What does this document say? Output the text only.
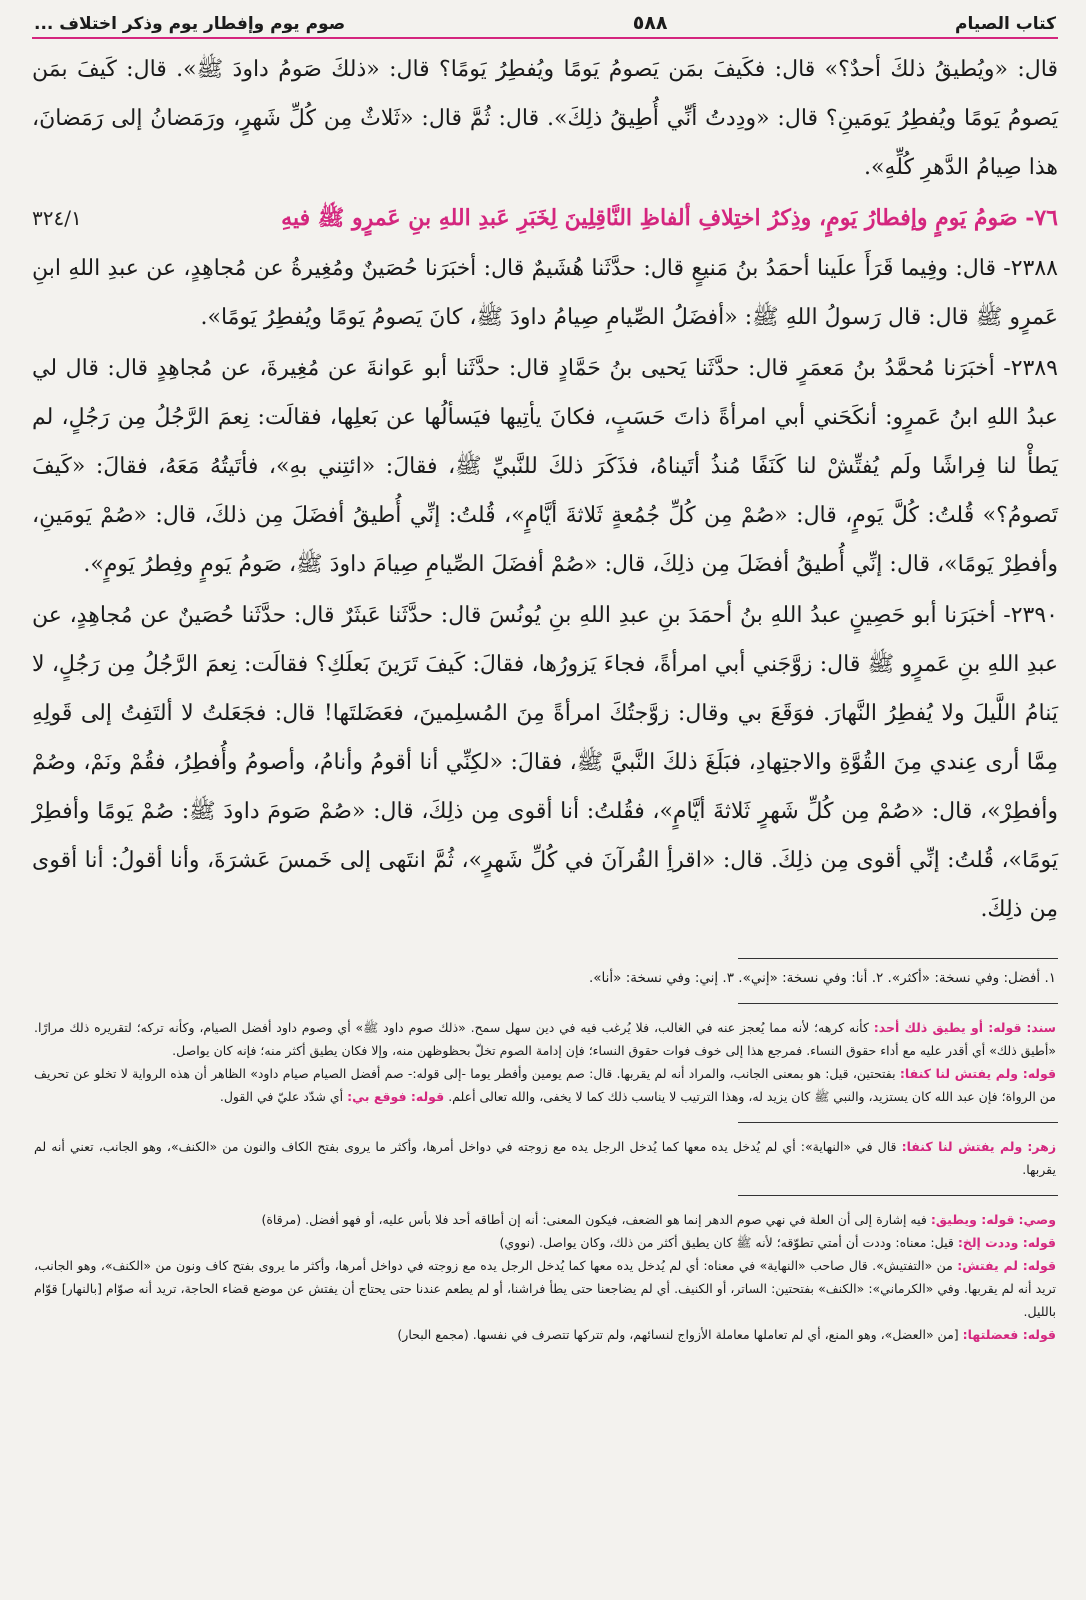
كتاب الصيام
٥٨٨
صوم يوم وإفطار يوم وذكر اختلاف ...

قال: «ويُطيقُ ذلكَ أحدٌ؟» قال: فكَيفَ بمَن يَصومُ يَومًا ويُفطِرُ يَومًا؟ قال: «ذلكَ صَومُ داودَ ﷺ». قال: كَيفَ بمَن يَصومُ يَومًا ويُفطِرُ يَومَينِ؟ قال: «ودِدتُ أنِّي أُطِيقُ ذلِكَ». قال: ثُمَّ قال: «ثَلاثٌ مِن كُلِّ شَهرٍ، ورَمَضانُ إلى رَمَضانَ، هذا صِيامُ الدَّهرِ كُلِّهِ».

٧٦- صَومُ يَومٍ وإفطارُ يَومٍ، وذِكرُ اختِلافِ ألفاظِ النَّاقِلِينَ لِخَبَرِ عَبدِ اللهِ بنِ عَمرٍو ﷺ فيهِ
٣٢٤/١

٢٣٨٨- قال: وفِيما قَرَأَ علَينا أحمَدُ بنُ مَنيعٍ قال: حدَّثَنا هُشَيمٌ قال: أخبَرَنا حُصَينٌ ومُغِيرةُ عن مُجاهِدٍ، عن عبدِ اللهِ ابنِ عَمرٍو ﷺ قال: قال رَسولُ اللهِ ﷺ: «أفضَلُ الصِّيامِ صِيامُ داودَ ﷺ، كانَ يَصومُ يَومًا ويُفطِرُ يَومًا».

٢٣٨٩- أخبَرَنا مُحمَّدُ بنُ مَعمَرٍ قال: حدَّثَنا يَحيى بنُ حَمَّادٍ قال: حدَّثَنا أبو عَوانةَ عن مُغِيرةَ، عن مُجاهِدٍ قال: قال لي عبدُ اللهِ ابنُ عَمرٍو: أنكَحَني أبي امرأةً ذاتَ حَسَبٍ، فكانَ يأتِيها فيَسألُها عن بَعلِها، فقالَت: نِعمَ الرَّجُلُ مِن رَجُلٍ، لم يَطأْ لنا فِراشًا ولَم يُفتِّشْ لنا كَنَفًا مُنذُ أتَيناهُ، فذَكَرَ ذلكَ للنَّبيِّ ﷺ، فقالَ: «ائتِني بهِ»، فأتَيتُهُ مَعَهُ، فقالَ: «كَيفَ تَصومُ؟» قُلتُ: كُلَّ يَومٍ، قال: «صُمْ مِن كُلِّ جُمُعةٍ ثَلاثةَ أيَّامٍ»، قُلتُ: إنِّي أُطيقُ أفضَلَ مِن ذلكَ، قال: «صُمْ يَومَينِ، وأفطِرْ يَومًا»، قال: إنِّي أُطيقُ أفضَلَ مِن ذلِكَ، قال: «صُمْ أفضَلَ الصِّيامِ صِيامَ داودَ ﷺ، صَومُ يَومٍ وفِطرُ يَومٍ».

٢٣٩٠- أخبَرَنا أبو حَصِينٍ عبدُ اللهِ بنُ أحمَدَ بنِ عبدِ اللهِ بنِ يُونُسَ قال: حدَّثَنا عَبثَرٌ قال: حدَّثَنا حُصَينٌ عن مُجاهِدٍ، عن عبدِ اللهِ بنِ عَمرٍو ﷺ قال: زوَّجَني أبي امرأةً، فجاءَ يَزورُها، فقالَ: كَيفَ تَرَينَ بَعلَكِ؟ فقالَت: نِعمَ الرَّجُلُ مِن رَجُلٍ، لا يَنامُ اللَّيلَ ولا يُفطِرُ النَّهارَ. فوَقَعَ بي وقال: زوَّجتُكَ امرأةً مِنَ المُسلِمينَ، فعَضَلتَها! قال: فجَعَلتُ لا ألتَفِتُ إلى قَولِهِ مِمَّا أرى عِندي مِنَ القُوَّةِ والاجتِهادِ، فبَلَغَ ذلكَ النَّبيَّ ﷺ، فقالَ: «لكِنِّي أنا أقومُ وأنامُ، وأصومُ وأُفطِرُ، فقُمْ ونَمْ، وصُمْ وأفطِرْ»، قال: «صُمْ مِن كُلِّ شَهرٍ ثَلاثةَ أيَّامٍ»، فقُلتُ: أنا أقوى مِن ذلِكَ، قال: «صُمْ صَومَ داودَ ﷺ: صُمْ يَومًا وأفطِرْ يَومًا»، قُلتُ: إنِّي أقوى مِن ذلِكَ. قال: «اقرأِ القُرآنَ في كُلِّ شَهرٍ»، ثُمَّ انتَهى إلى خَمسَ عَشرَةَ، وأنا أقولُ: أنا أقوى مِن ذلِكَ.

١. أفضل: وفي نسخة: «أكثر». ٢. أنا: وفي نسخة: «إني». ٣. إني: وفي نسخة: «أنا».

سند: قوله: أو يطيق ذلك أحد: كأنه كرهه؛ لأنه مما يُعجز عنه في الغالب، فلا يُرغب فيه في دين سهل سمح. «ذلك صوم داود ﷺ» أي وصوم داود أفضل الصيام، وكأنه تركه؛ لتقريره ذلك مرارًا. «أطيق ذلك» أي أقدر عليه مع أداء حقوق النساء. فمرجع هذا إلى خوف فوات حقوق النساء؛ فإن إدامة الصوم تخلّ بحظوظهن منه، وإلا فكان يطيق أكثر منه؛ فإنه كان يواصل.

قوله: ولم يفتش لنا كنفا: بفتحتين، قيل: هو بمعنى الجانب، والمراد أنه لم يقربها. قال: صم يومين وأفطر يوما -إلى قوله:- صم أفضل الصيام صيام داود» الظاهر أن هذه الرواية لا تخلو عن تحريف من الرواة؛ فإن عبد الله كان يستزيد، والنبي ﷺ كان يزيد له، وهذا الترتيب لا يناسب ذلك كما لا يخفى، والله تعالى أعلم. قوله: فوقع بي: أي شدّد عليّ في القول.

زهر: ولم يفتش لنا كنفا: قال في «النهاية»: أي لم يُدخل يده معها كما يُدخل الرجل يده مع زوجته في دواخل أمرها، وأكثر ما يروى بفتح الكاف والنون من «الكنف»، وهو الجانب، تعني أنه لم يقربها.

وصي: قوله: ويطيق: فيه إشارة إلى أن العلة في نهي صوم الدهر إنما هو الضعف، فيكون المعنى: أنه إن أطاقه أحد فلا بأس عليه، أو فهو أفضل. (مرقاة)

قوله: وددت إلخ: قيل: معناه: وددت أن أمتي تطوّقه؛ لأنه ﷺ كان يطيق أكثر من ذلك، وكان يواصل. (نووي)

قوله: لم يفتش: من «التفتيش». قال صاحب «النهاية» في معناه: أي لم يُدخل يده معها كما يُدخل الرجل يده مع زوجته في دواخل أمرها، وأكثر ما يروى بفتح كاف ونون من «الكنف»، وهو الجانب، تريد أنه لم يقربها. وفي «الكرماني»: «الكنف» بفتحتين: الساتر، أو الكنيف. أي لم يضاجعنا حتى يطأ فراشنا، أو لم يطعم عندنا حتى يحتاج أن يفتش عن موضع قضاء الحاجة، تريد أنه صوّام [بالنهار] قوّام بالليل.

قوله: فعضلتها: [من «العضل»، وهو المنع، أي لم تعاملها معاملة الأزواج لنسائهم، ولم تتركها تتصرف في نفسها. (مجمع البحار)
